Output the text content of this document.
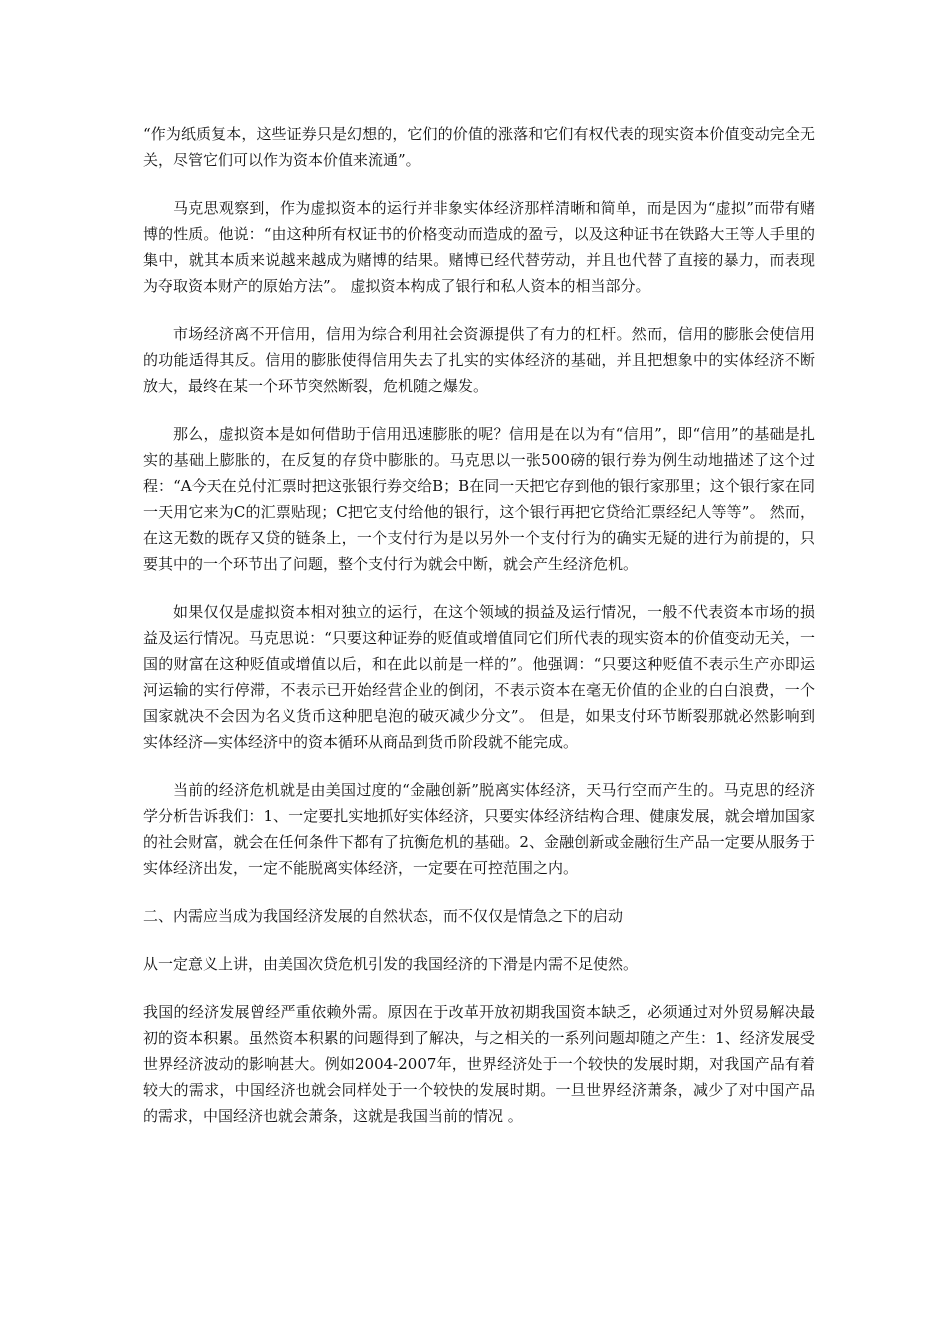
“作为纸质复本，这些证券只是幻想的，它们的价值的涨落和它们有权代表的现实资本价值变动完全无关，尽管它们可以作为资本价值来流通”。

马克思观察到，作为虚拟资本的运行并非象实体经济那样清晰和简单，而是因为“虚拟”而带有赌博的性质。他说：“由这种所有权证书的价格变动而造成的盈亏，以及这种证书在铁路大王等人手里的集中，就其本质来说越来越成为赌博的结果。赌博已经代替劳动，并且也代替了直接的暴力，而表现为夺取资本财产的原始方法”。 虚拟资本构成了银行和私人资本的相当部分。

市场经济离不开信用，信用为综合利用社会资源提供了有力的杠杆。然而，信用的膨胀会使信用的功能适得其反。信用的膨胀使得信用失去了扎实的实体经济的基础，并且把想象中的实体经济不断放大，最终在某一个环节突然断裂，危机随之爆发。

那么，虚拟资本是如何借助于信用迅速膨胀的呢？信用是在以为有“信用”，即“信用”的基础是扎实的基础上膨胀的，在反复的存贷中膨胀的。马克思以一张500磅的银行券为例生动地描述了这个过程：“A今天在兑付汇票时把这张银行券交给B；B在同一天把它存到他的银行家那里；这个银行家在同一天用它来为C的汇票贴现；C把它支付给他的银行，这个银行再把它贷给汇票经纪人等等”。 然而，在这无数的既存又贷的链条上，一个支付行为是以另外一个支付行为的确实无疑的进行为前提的，只要其中的一个环节出了问题，整个支付行为就会中断，就会产生经济危机。

如果仅仅是虚拟资本相对独立的运行，在这个领域的损益及运行情况，一般不代表资本市场的损益及运行情况。马克思说：“只要这种证券的贬值或增值同它们所代表的现实资本的价值变动无关，一国的财富在这种贬值或增值以后，和在此以前是一样的”。他强调：“只要这种贬值不表示生产亦即运河运输的实行停滞，不表示已开始经营企业的倒闭，不表示资本在毫无价值的企业的白白浪费，一个国家就决不会因为名义货币这种肥皂泡的破灭减少分文”。 但是，如果支付环节断裂那就必然影响到实体经济—实体经济中的资本循环从商品到货币阶段就不能完成。

当前的经济危机就是由美国过度的“金融创新”脱离实体经济，天马行空而产生的。马克思的经济学分析告诉我们：1、一定要扎实地抓好实体经济，只要实体经济结构合理、健康发展，就会增加国家的社会财富，就会在任何条件下都有了抗衡危机的基础。2、金融创新或金融衍生产品一定要从服务于实体经济出发，一定不能脱离实体经济，一定要在可控范围之内。

二、内需应当成为我国经济发展的自然状态，而不仅仅是情急之下的启动

从一定意义上讲，由美国次贷危机引发的我国经济的下滑是内需不足使然。

我国的经济发展曾经严重依赖外需。原因在于改革开放初期我国资本缺乏，必须通过对外贸易解决最初的资本积累。虽然资本积累的问题得到了解决，与之相关的一系列问题却随之产生：1、经济发展受世界经济波动的影响甚大。例如2004-2007年，世界经济处于一个较快的发展时期，对我国产品有着较大的需求，中国经济也就会同样处于一个较快的发展时期。一旦世界经济萧条，减少了对中国产品的需求，中国经济也就会萧条，这就是我国当前的情况 。
